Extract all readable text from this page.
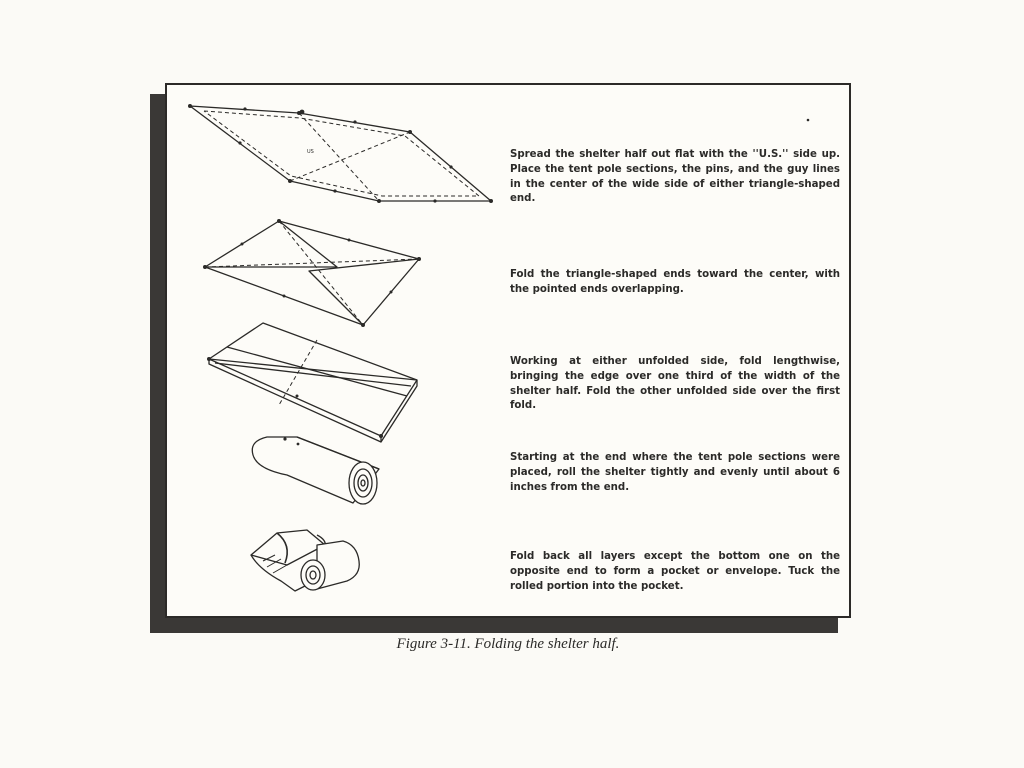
US	Spread the shelter half out flat with the ''U.S.'' side up. Place the tent pole sections, the pins, and the guy lines in the center of the wide side of either triangle-shaped end.

Fold the triangle-shaped ends toward the center, with the pointed ends overlapping.

Working at either unfolded side, fold lengthwise, bringing the edge over one third of the width of the shelter half. Fold the other unfolded side over the first fold.

Starting at the end where the tent pole sections were placed, roll the shelter tightly and evenly until about 6 inches from the end.

Fold back all layers except the bottom one on the opposite end to form a pocket or envelope. Tuck the rolled portion into the pocket.

Figure 3-11. Folding the shelter half.
